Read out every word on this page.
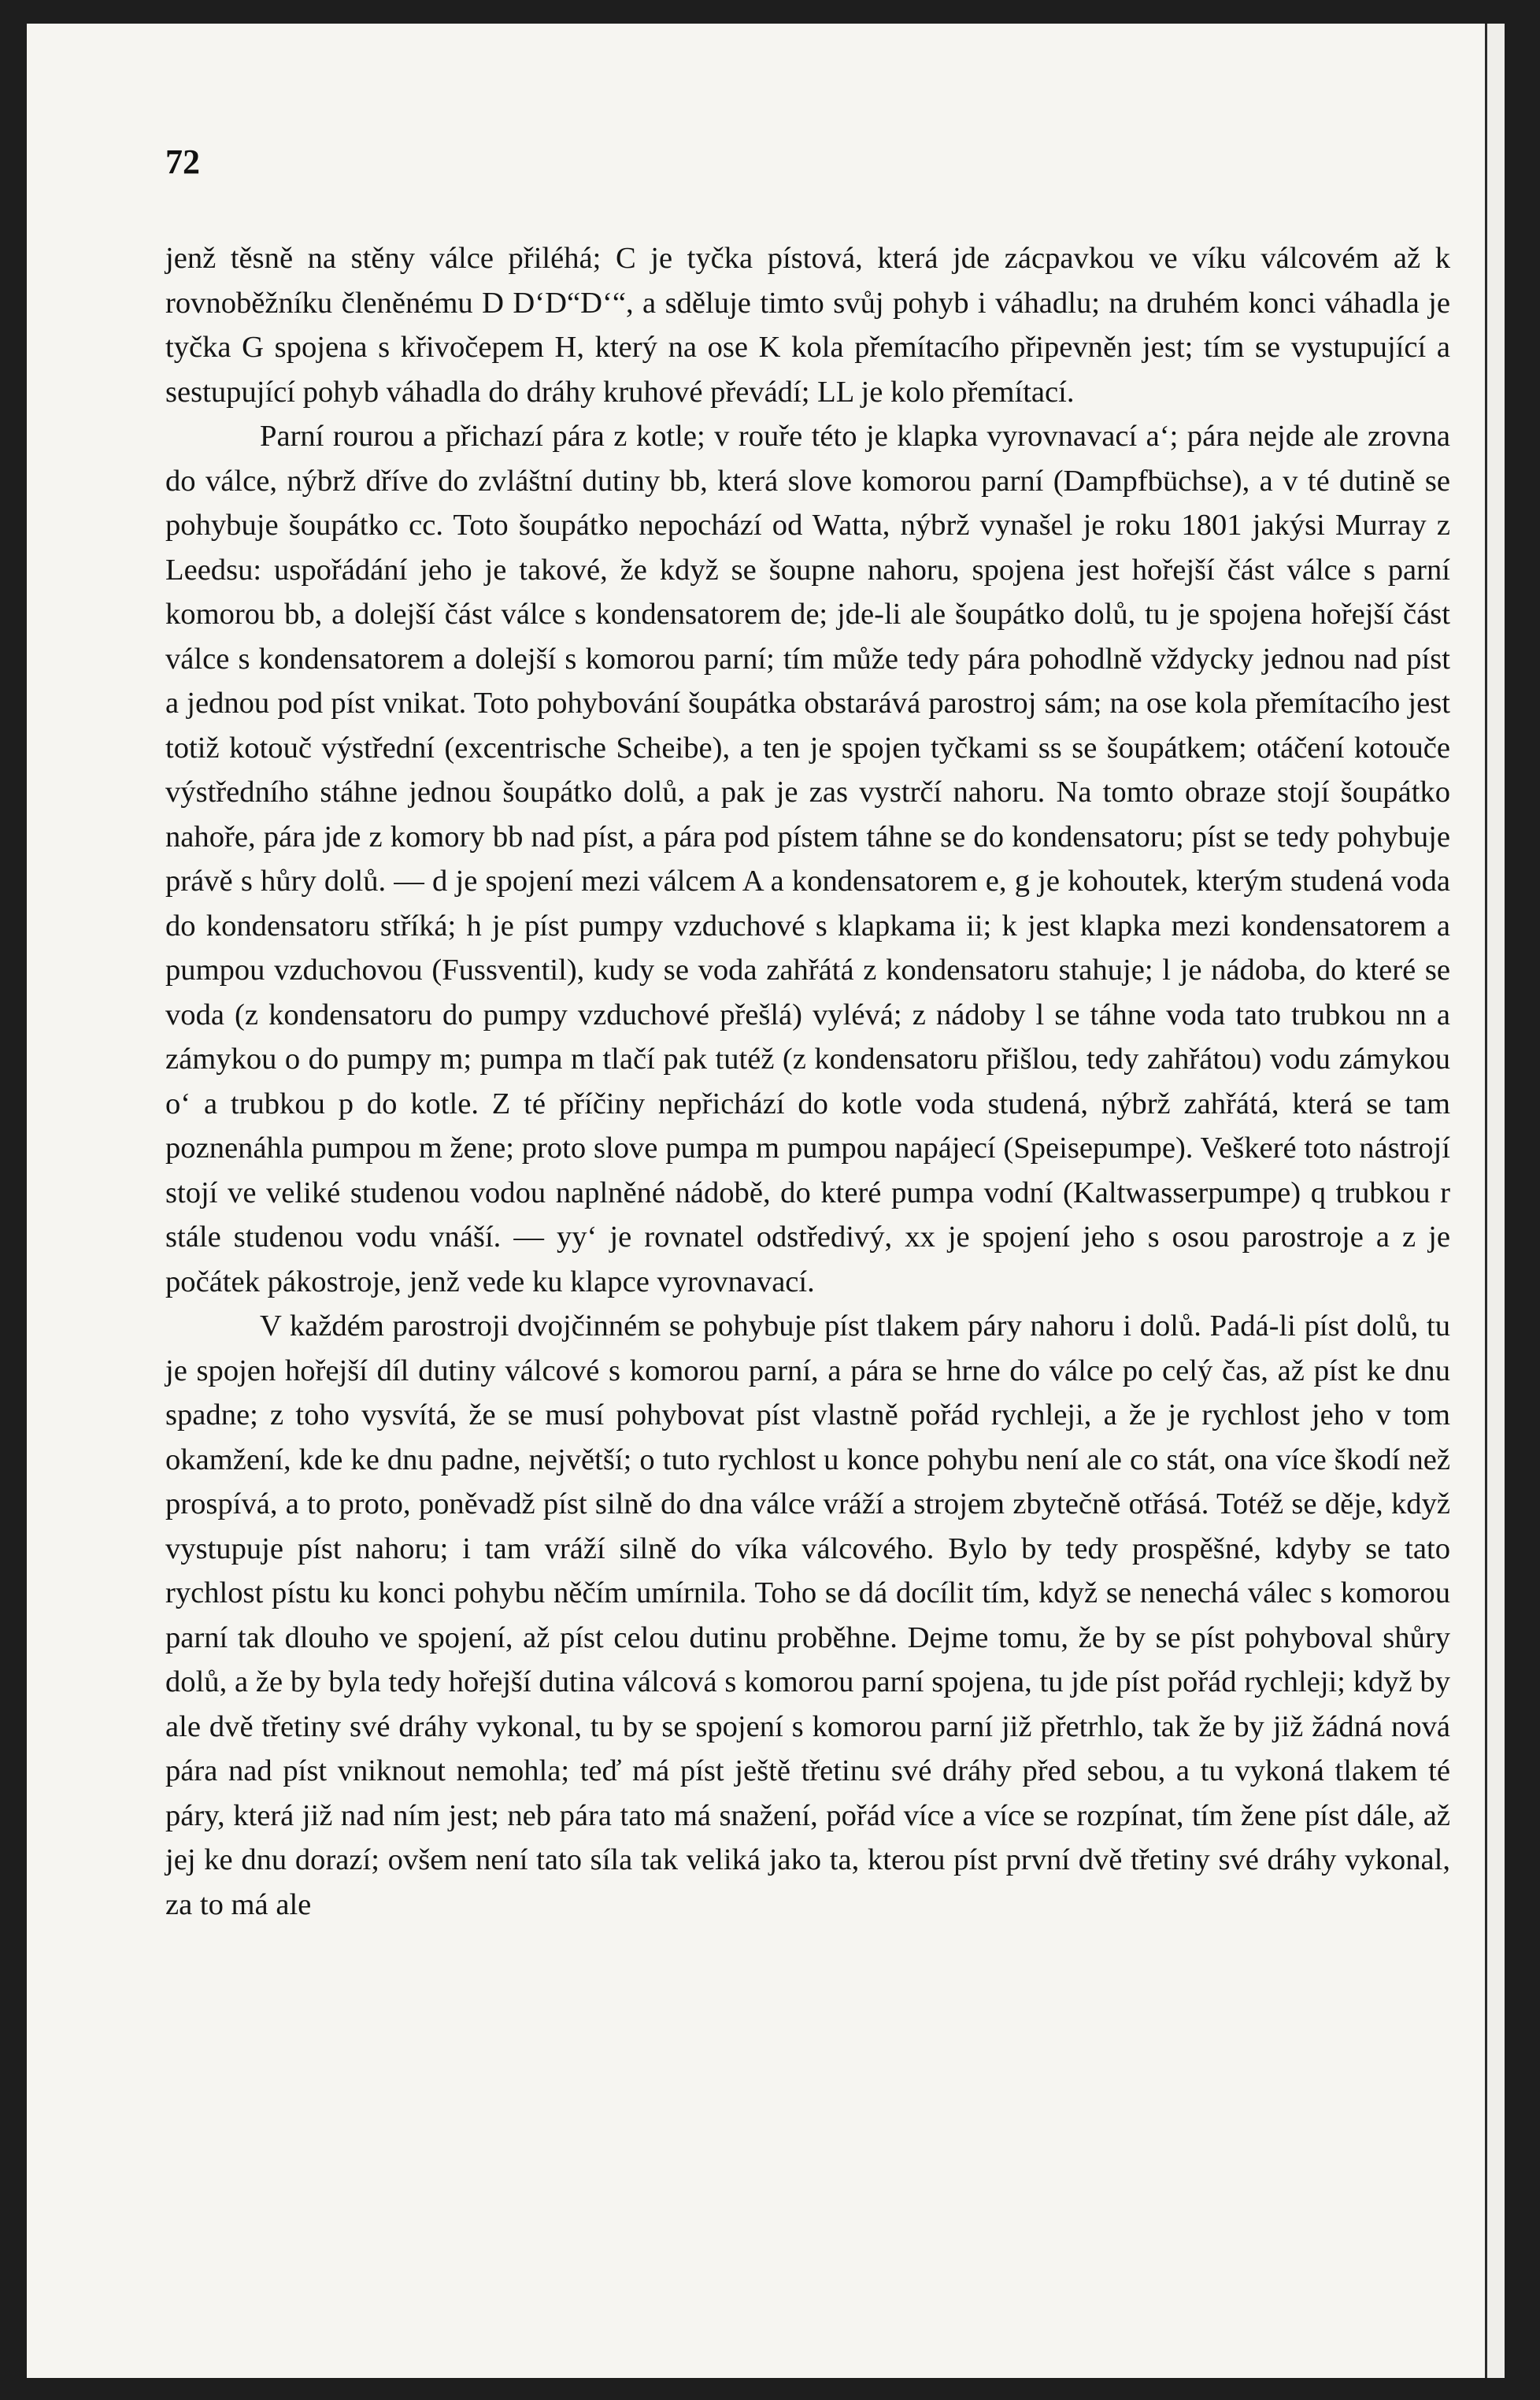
72

jenž těsně na stěny válce přiléhá; C je tyčka pístová, která jde zácpavkou ve víku válcovém až k rovnoběžníku členěnému D D‘D“D‘“, a sděluje timto svůj pohyb i váhadlu; na druhém konci váhadla je tyčka G spojena s křivočepem H, který na ose K kola přemítacího připevněn jest; tím se vystupující a sestupující pohyb váhadla do dráhy kruhové převádí; LL je kolo přemítací.

Parní rourou a přichazí pára z kotle; v rouře této je klapka vyrovnavací a‘; pára nejde ale zrovna do válce, nýbrž dříve do zvláštní dutiny bb, která slove komorou parní (Dampfbüchse), a v té dutině se pohybuje šoupátko cc. Toto šoupátko nepochází od Watta, nýbrž vynašel je roku 1801 jakýsi Murray z Leedsu: uspořádání jeho je takové, že když se šoupne nahoru, spojena jest hořejší část válce s parní komorou bb, a dolejší část válce s kondensatorem de; jde-li ale šoupátko dolů, tu je spojena hořejší část válce s kondensatorem a dolejší s komorou parní; tím může tedy pára pohodlně vždycky jednou nad píst a jednou pod píst vnikat. Toto pohybování šoupátka obstarává parostroj sám; na ose kola přemítacího jest totiž kotouč výstřední (excentrische Scheibe), a ten je spojen tyčkami ss se šoupátkem; otáčení kotouče výstředního stáhne jednou šoupátko dolů, a pak je zas vystrčí nahoru. Na tomto obraze stojí šoupátko nahoře, pára jde z komory bb nad píst, a pára pod pístem táhne se do kondensatoru; píst se tedy pohybuje právě s hůry dolů. — d je spojení mezi válcem A a kondensatorem e, g je kohoutek, kterým studená voda do kondensatoru stříká; h je píst pumpy vzduchové s klapkama ii; k jest klapka mezi kondensatorem a pumpou vzduchovou (Fussventil), kudy se voda zahřátá z kondensatoru stahuje; l je nádoba, do které se voda (z kondensatoru do pumpy vzduchové přešlá) vylévá; z nádoby l se táhne voda tato trubkou nn a zámykou o do pumpy m; pumpa m tlačí pak tutéž (z kondensatoru přišlou, tedy zahřátou) vodu zámykou o‘ a trubkou p do kotle. Z té příčiny nepřichází do kotle voda studená, nýbrž zahřátá, která se tam poznenáhla pumpou m žene; proto slove pumpa m pumpou napájecí (Speisepumpe). Veškeré toto nástrojí stojí ve veliké studenou vodou naplněné nádobě, do které pumpa vodní (Kaltwasserpumpe) q trubkou r stále studenou vodu vnáší. — yy‘ je rovnatel odstředivý, xx je spojení jeho s osou parostroje a z je počátek pákostroje, jenž vede ku klapce vyrovnavací.

V každém parostroji dvojčinném se pohybuje píst tlakem páry nahoru i dolů. Padá-li píst dolů, tu je spojen hořejší díl dutiny válcové s komorou parní, a pára se hrne do válce po celý čas, až píst ke dnu spadne; z toho vysvítá, že se musí pohybovat píst vlastně pořád rychleji, a že je rychlost jeho v tom okamžení, kde ke dnu padne, největší; o tuto rychlost u konce pohybu není ale co stát, ona více škodí než prospívá, a to proto, poněvadž píst silně do dna válce vráží a strojem zbytečně otřásá. Totéž se děje, když vystupuje píst nahoru; i tam vráží silně do víka válcového. Bylo by tedy prospěšné, kdyby se tato rychlost pístu ku konci pohybu něčím umírnila. Toho se dá docílit tím, když se nenechá válec s komorou parní tak dlouho ve spojení, až píst celou dutinu proběhne. Dejme tomu, že by se píst pohyboval shůry dolů, a že by byla tedy hořejší dutina válcová s komorou parní spojena, tu jde píst pořád rychleji; když by ale dvě třetiny své dráhy vykonal, tu by se spojení s komorou parní již přetrhlo, tak že by již žádná nová pára nad píst vniknout nemohla; teď má píst ještě třetinu své dráhy před sebou, a tu vykoná tlakem té páry, která již nad ním jest; neb pára tato má snažení, pořád více a více se rozpínat, tím žene píst dále, až jej ke dnu dorazí; ovšem není tato síla tak veliká jako ta, kterou píst první dvě třetiny své dráhy vykonal, za to má ale
